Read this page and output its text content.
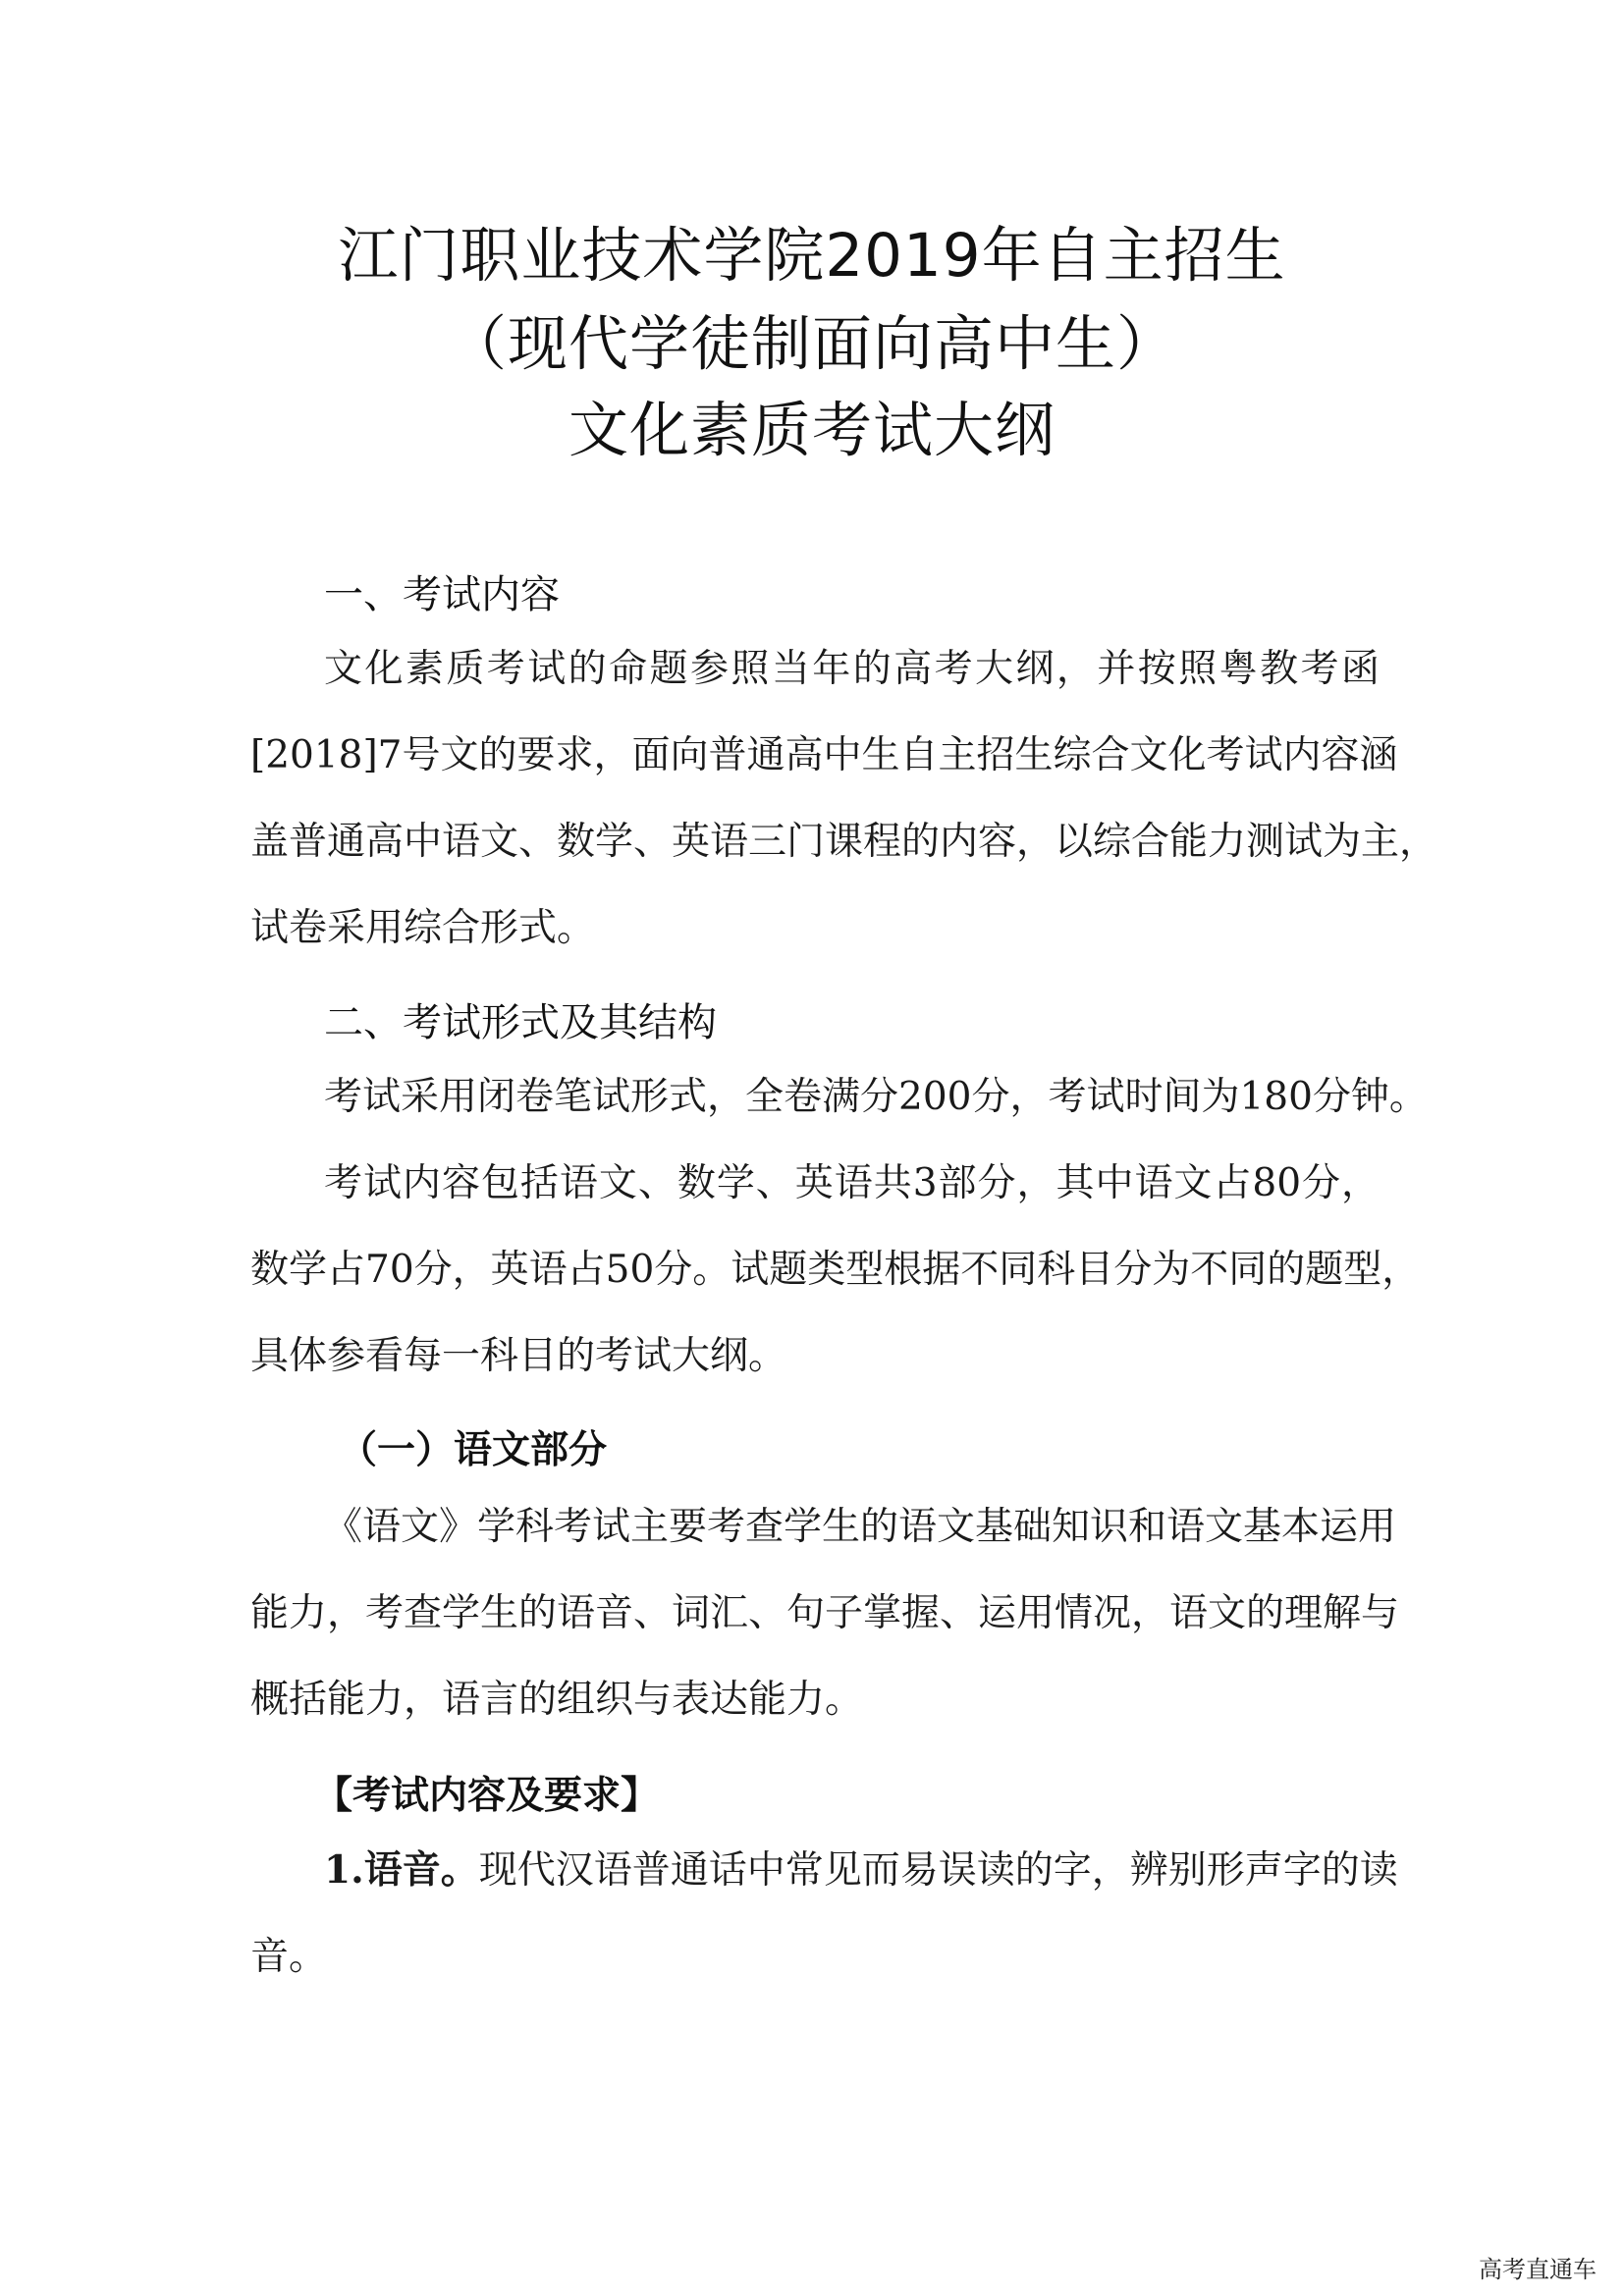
江门职业技术学院2019年自主招生
（现代学徒制面向高中生）
文化素质考试大纲
一、考试内容
文化素质考试的命题参照当年的高考大纲，并按照粤教考函
[2018]7号文的要求，面向普通高中生自主招生综合文化考试内容涵
盖普通高中语文、数学、英语三门课程的内容，以综合能力测试为主，
试卷采用综合形式。
二、考试形式及其结构
考试采用闭卷笔试形式，全卷满分200分，考试时间为180分钟。
考试内容包括语文、数学、英语共3部分，其中语文占80分，
数学占70分，英语占50分。试题类型根据不同科目分为不同的题型，
具体参看每一科目的考试大纲。
（一）语文部分
《语文》学科考试主要考查学生的语文基础知识和语文基本运用
能力，考查学生的语音、词汇、句子掌握、运用情况，语文的理解与
概括能力，语言的组织与表达能力。
【考试内容及要求】
1.语音。现代汉语普通话中常见而易误读的字，辨别形声字的读
音。
高考直通车
